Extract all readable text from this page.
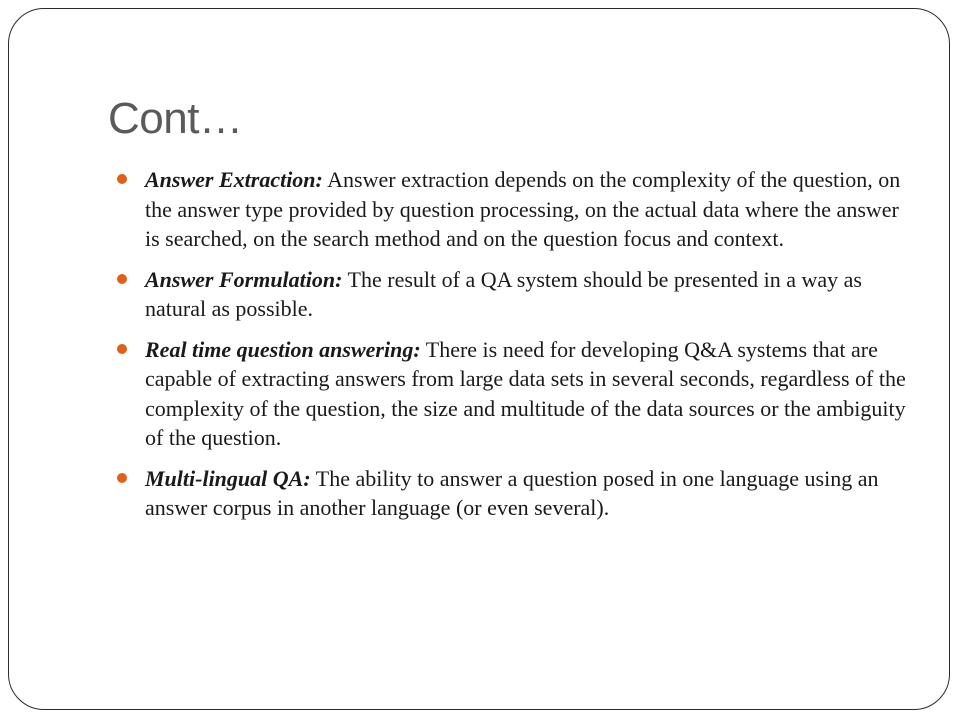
Cont…
Answer Extraction: Answer extraction depends on the complexity of the question, on the answer type provided by question processing, on the actual data where the answer is searched, on the search method and on the question focus and context.
Answer Formulation: The result of a QA system should be presented in a way as natural as possible.
Real time question answering: There is need for developing Q&A systems that are capable of extracting answers from large data sets in several seconds, regardless of the complexity of the question, the size and multitude of the data sources or the ambiguity of the question.
Multi-lingual QA: The ability to answer a question posed in one language using an answer corpus in another language (or even several).
